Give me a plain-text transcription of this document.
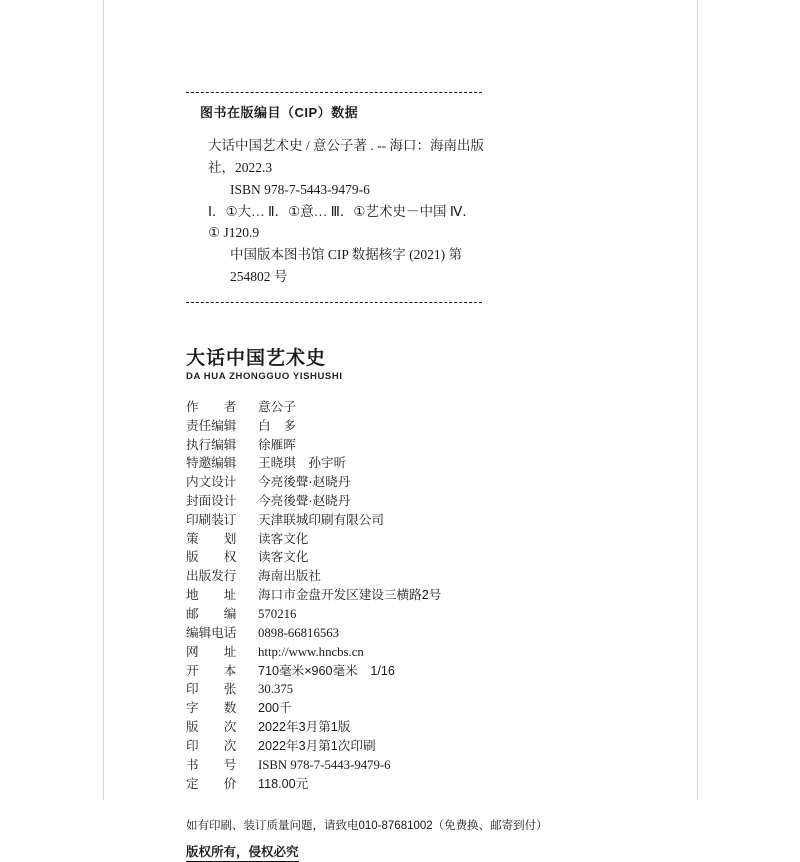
图书在版编目（CIP）数据
大话中国艺术史 / 意公子著 . -- 海口：海南出版
社，2022.3
ISBN 978-7-5443-9479-6
Ⅰ．①大… Ⅱ．①意… Ⅲ．①艺术史－中国 Ⅳ．
① J120.9
中国版本图书馆 CIP 数据核字 (2021) 第 254802 号
大话中国艺术史
DA HUA ZHONGGUO YISHUSHI
作　　者	意公子
责任编辑	白　多
执行编辑	徐雁晖
特邀编辑	王晓琪　孙宇昕
内文设计	今亮後聲·赵晓丹
封面设计	今亮後聲·赵晓丹
印刷装订	天津联城印刷有限公司
策　　划	读客文化
版　　权	读客文化
出版发行	海南出版社
地　　址	海口市金盘开发区建设三横路2号
邮　　编	570216
编辑电话	0898-66816563
网　　址	http://www.hncbs.cn
开　　本	710毫米×960毫米　1/16
印　　张	30.375
字　　数	200千
版　　次	2022年3月第1版
印　　次	2022年3月第1次印刷
书　　号	ISBN 978-7-5443-9479-6
定　　价	118.00元
如有印刷、装订质量问题，请致电010-87681002（免费换、邮寄到付）
版权所有，侵权必究
